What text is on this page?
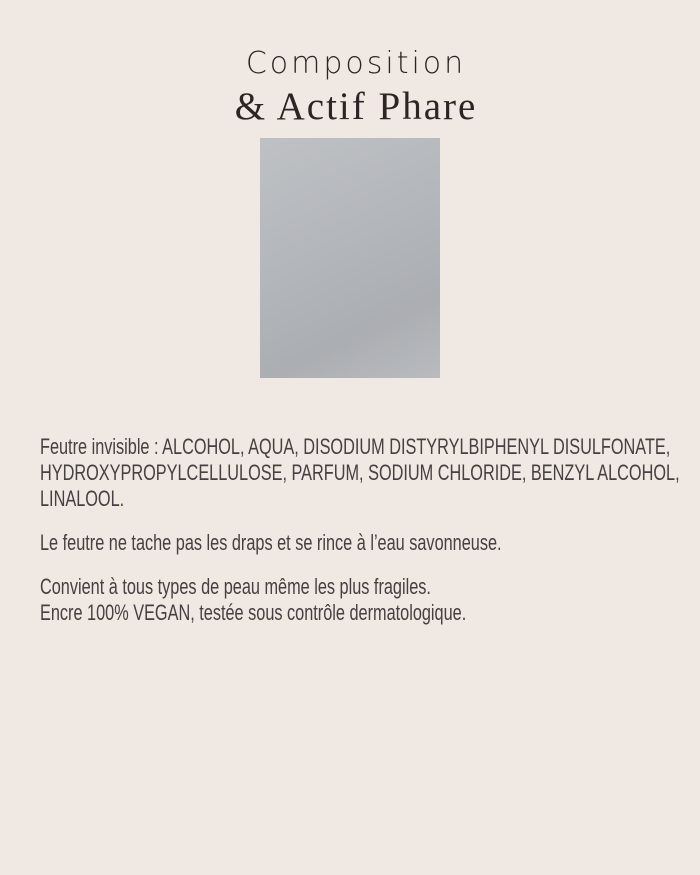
Composition
& Actif Phare

Feutre invisible : ALCOHOL, AQUA, DISODIUM DISTYRYLBIPHENYL DISULFONATE,
HYDROXYPROPYLCELLULOSE, PARFUM, SODIUM CHLORIDE, BENZYL ALCOHOL,
LINALOOL.

Le feutre ne tache pas les draps et se rince à l’eau savonneuse.

Convient à tous types de peau même les plus fragiles.
Encre 100% VEGAN, testée sous contrôle dermatologique.
